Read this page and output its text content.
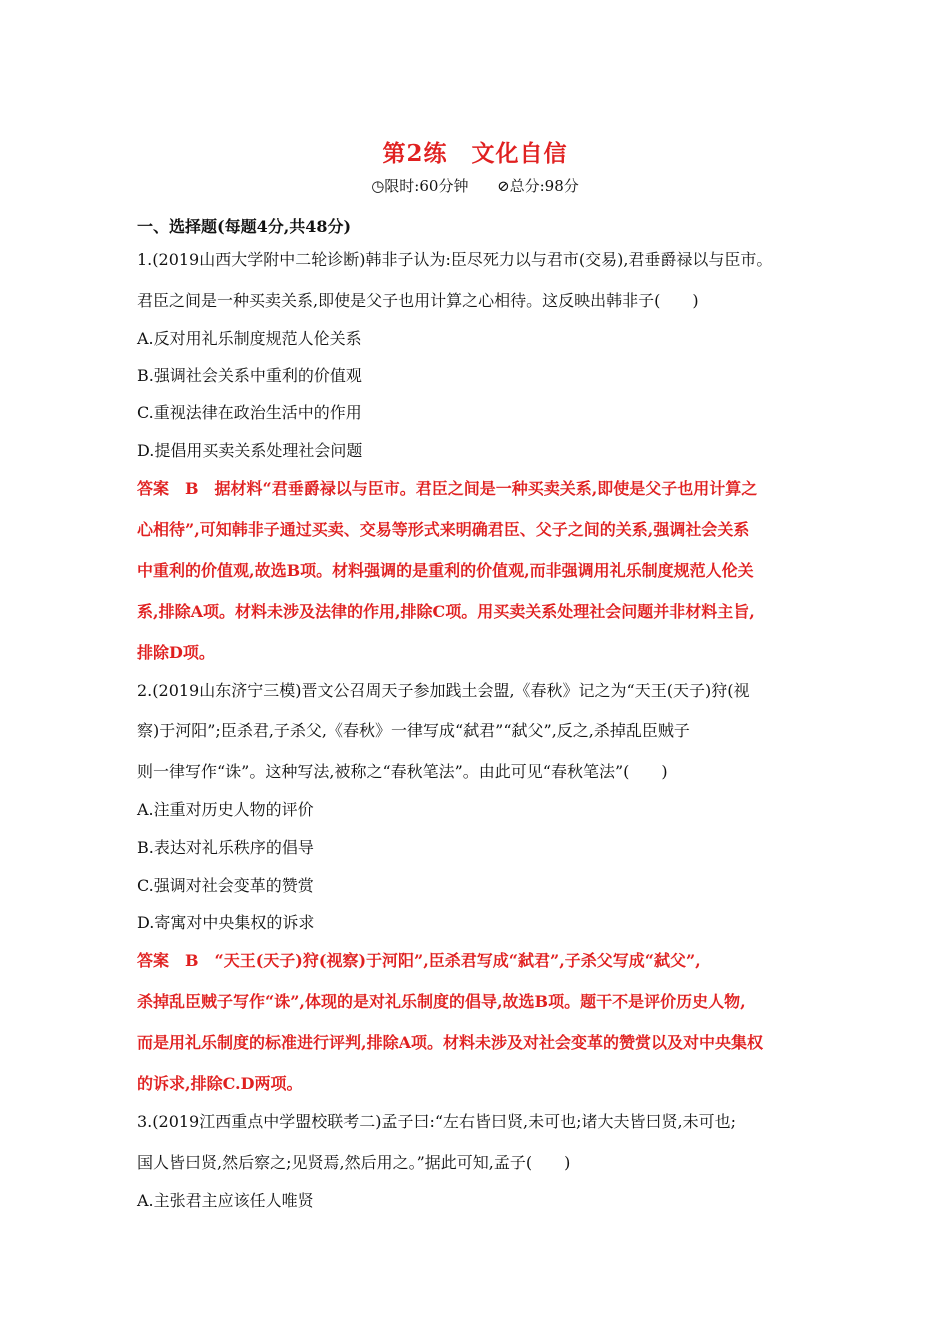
第2练　文化自信
◷限时:60分钟 ⊘总分:98分
一、选择题(每题4分,共48分)
1.(2019山西大学附中二轮诊断)韩非子认为:臣尽死力以与君市(交易),君垂爵禄以与臣市。
君臣之间是一种买卖关系,即使是父子也用计算之心相待。这反映出韩非子(　　)
A.反对用礼乐制度规范人伦关系
B.强调社会关系中重利的价值观
C.重视法律在政治生活中的作用
D.提倡用买卖关系处理社会问题
答案　B　据材料“君垂爵禄以与臣市。君臣之间是一种买卖关系,即使是父子也用计算之
心相待”,可知韩非子通过买卖、交易等形式来明确君臣、父子之间的关系,强调社会关系
中重利的价值观,故选B项。材料强调的是重利的价值观,而非强调用礼乐制度规范人伦关
系,排除A项。材料未涉及法律的作用,排除C项。用买卖关系处理社会问题并非材料主旨,
排除D项。
2.(2019山东济宁三模)晋文公召周天子参加践土会盟,《春秋》记之为“天王(天子)狩(视
察)于河阳”;臣杀君,子杀父,《春秋》一律写成“弑君”“弑父”,反之,杀掉乱臣贼子
则一律写作“诛”。这种写法,被称之“春秋笔法”。由此可见“春秋笔法”(　　)
A.注重对历史人物的评价
B.表达对礼乐秩序的倡导
C.强调对社会变革的赞赏
D.寄寓对中央集权的诉求
答案　B　“天王(天子)狩(视察)于河阳”,臣杀君写成“弑君”,子杀父写成“弑父”,
杀掉乱臣贼子写作“诛”,体现的是对礼乐制度的倡导,故选B项。题干不是评价历史人物,
而是用礼乐制度的标准进行评判,排除A项。材料未涉及对社会变革的赞赏以及对中央集权
的诉求,排除C.D两项。
3.(2019江西重点中学盟校联考二)孟子曰:“左右皆曰贤,未可也;诸大夫皆曰贤,未可也;
国人皆曰贤,然后察之;见贤焉,然后用之。”据此可知,孟子(　　)
A.主张君主应该任人唯贤
